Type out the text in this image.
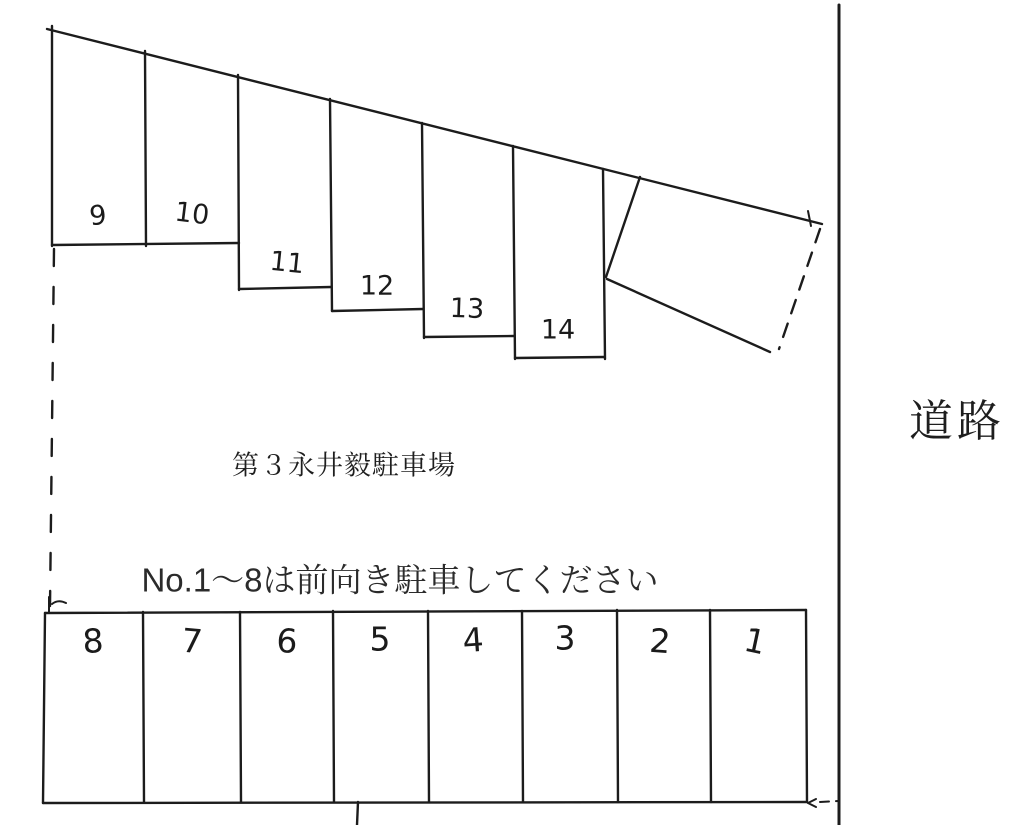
9 10
11
12
13
14
8 7 6 5 4 3 2 1
第３永井毅駐車場
No.1〜8は前向き駐車してください
道路
